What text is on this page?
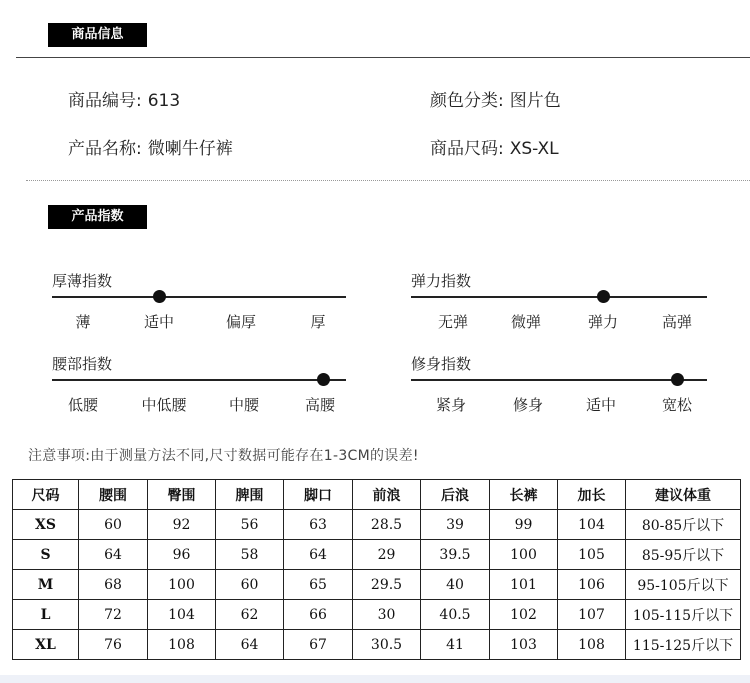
商品信息
商品编号: 613	颜色分类: 图片色
产品名称: 微喇牛仔裤	商品尺码: XS-XL
产品指数
厚薄指数
薄	适中	偏厚	厚
弹力指数
无弹	微弹	弹力	高弹
腰部指数
低腰	中低腰	中腰	高腰
修身指数
紧身	修身	适中	宽松
注意事项:由于测量方法不同,尺寸数据可能存在1-3CM的误差!
尺码	腰围	臀围	脾围	脚口	前浪	后浪	长裤	加长	建议体重
XS	60	92	56	63	28.5	39	99	104	80-85斤以下
S	64	96	58	64	29	39.5	100	105	85-95斤以下
M	68	100	60	65	29.5	40	101	106	95-105斤以下
L	72	104	62	66	30	40.5	102	107	105-115斤以下
XL	76	108	64	67	30.5	41	103	108	115-125斤以下
